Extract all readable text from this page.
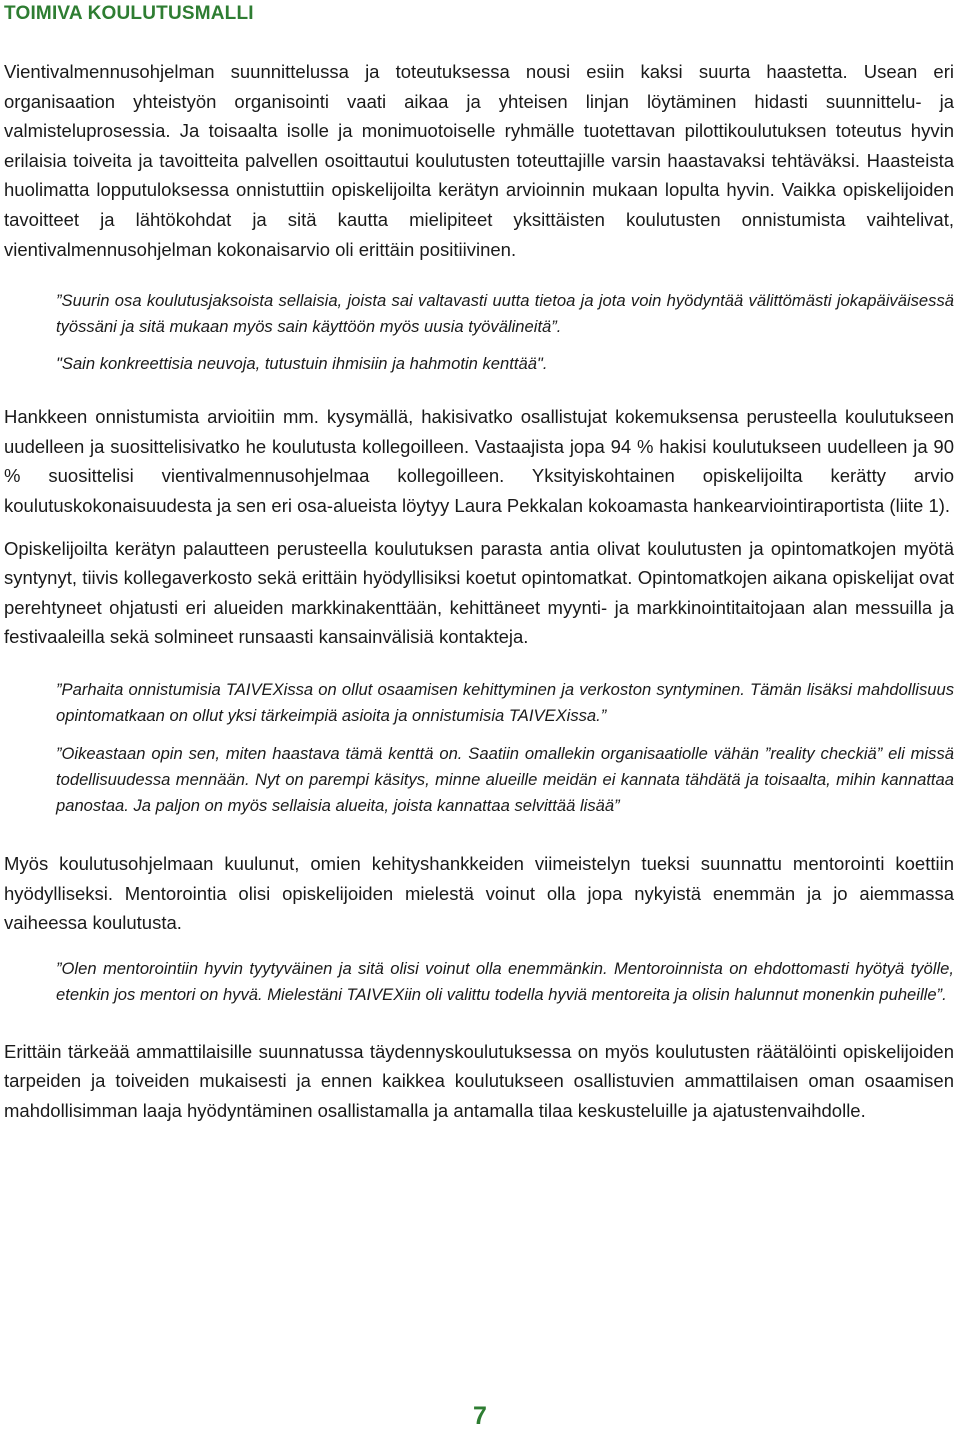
TOIMIVA KOULUTUSMALLI

Vientivalmennusohjelman suunnittelussa ja toteutuksessa nousi esiin kaksi suurta haastetta. Usean eri organisaation yhteistyön organisointi vaati aikaa ja yhteisen linjan löytäminen hidasti suunnittelu- ja valmisteluprosessia. Ja toisaalta isolle ja monimuotoiselle ryhmälle tuotettavan pilottikoulutuksen toteutus hyvin erilaisia toiveita ja tavoitteita palvellen osoittautui koulutusten toteuttajille varsin haastavaksi tehtäväksi. Haasteista huolimatta lopputuloksessa onnistuttiin opiskelijoilta kerätyn arvioinnin mukaan lopulta hyvin. Vaikka opiskelijoiden tavoitteet ja lähtökohdat ja sitä kautta mielipiteet yksittäisten koulutusten onnistumista vaihtelivat, vientivalmennusohjelman kokonaisarvio oli erittäin positiivinen.

”Suurin osa koulutusjaksoista sellaisia, joista sai valtavasti uutta tietoa ja jota voin hyödyntää välittömästi jokapäiväisessä työssäni ja sitä mukaan myös sain käyttöön myös uusia työvälineitä”.

"Sain konkreettisia neuvoja, tutustuin ihmisiin ja hahmotin kenttää".

Hankkeen onnistumista arvioitiin mm. kysymällä, hakisivatko osallistujat kokemuksensa perusteella koulutukseen uudelleen ja suosittelisivatko he koulutusta kollegoilleen. Vastaajista jopa 94 % hakisi koulutukseen uudelleen ja 90 % suosittelisi vientivalmennusohjelmaa kollegoilleen. Yksityiskohtainen opiskelijoilta kerätty arvio koulutuskokonaisuudesta ja sen eri osa-alueista löytyy Laura Pekkalan kokoamasta hankearviointiraportista (liite 1).

Opiskelijoilta kerätyn palautteen perusteella koulutuksen parasta antia olivat koulutusten ja opintomatkojen myötä syntynyt, tiivis kollegaverkosto sekä erittäin hyödyllisiksi koetut opintomatkat. Opintomatkojen aikana opiskelijat ovat perehtyneet ohjatusti eri alueiden markkinakenttään, kehittäneet myynti- ja markkinointitaitojaan alan messuilla ja festivaaleilla sekä solmineet runsaasti kansainvälisiä kontakteja.

”Parhaita onnistumisia TAIVEXissa on ollut osaamisen kehittyminen ja verkoston syntyminen. Tämän lisäksi mahdollisuus opintomatkaan on ollut yksi tärkeimpiä asioita ja onnistumisia TAIVEXissa.”

”Oikeastaan opin sen, miten haastava tämä kenttä on. Saatiin omallekin organisaatiolle vähän ”reality checkiä” eli missä todellisuudessa mennään. Nyt on parempi käsitys, minne alueille meidän ei kannata tähdätä ja toisaalta, mihin kannattaa panostaa. Ja paljon on myös sellaisia alueita, joista kannattaa selvittää lisää”

Myös koulutusohjelmaan kuulunut, omien kehityshankkeiden viimeistelyn tueksi suunnattu mentorointi koettiin hyödylliseksi. Mentorointia olisi opiskelijoiden mielestä voinut olla jopa nykyistä enemmän ja jo aiemmassa vaiheessa koulutusta.

”Olen mentorointiin hyvin tyytyväinen ja sitä olisi voinut olla enemmänkin. Mentoroinnista on ehdottomasti hyötyä työlle, etenkin jos mentori on hyvä. Mielestäni TAIVEXiin oli valittu todella hyviä mentoreita ja olisin halunnut monenkin puheille”.

Erittäin tärkeää ammattilaisille suunnatussa täydennyskoulutuksessa on myös koulutusten räätälöinti opiskelijoiden tarpeiden ja toiveiden mukaisesti ja ennen kaikkea koulutukseen osallistuvien ammattilaisen oman osaamisen mahdollisimman laaja hyödyntäminen osallistamalla ja antamalla tilaa keskusteluille ja ajatustenvaihdolle.

7
